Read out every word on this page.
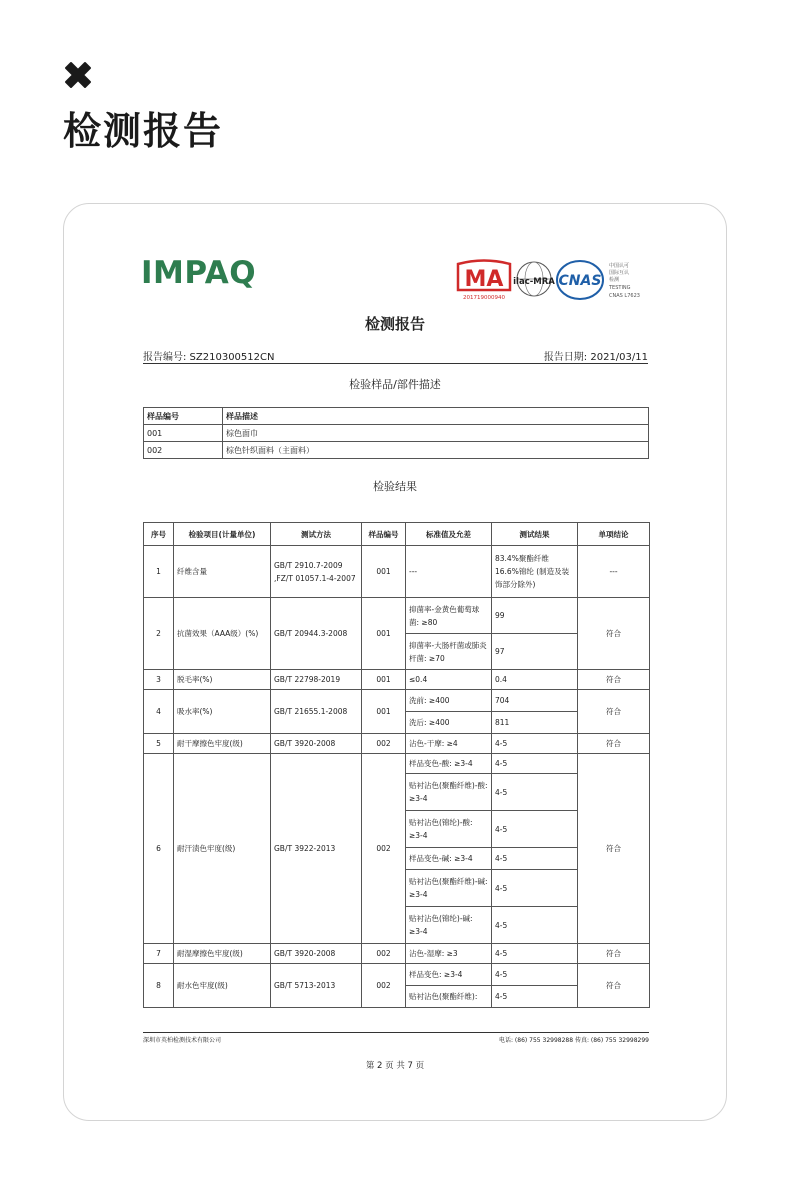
检测报告
IMPAQ	MA
201719000940
ilac-MRA CNAS
中国认可
国际互认
检测
TESTING
CNAS L7623
检测报告
报告编号: SZ210300512CN	报告日期: 2021/03/11
检验样品/部件描述
样品编号	样品描述
001	棕色面巾
002	棕色针织面料（主面料）
检验结果
序号	检验项目(计量单位)	测试方法	样品编号	标准值及允差	测试结果	单项结论
1	纤维含量	GB/T 2910.7-2009 ,FZ/T 01057.1-4-2007	001	---	83.4%聚酯纤维 16.6%锦纶 (制造及装饰部分除外)	---
2	抗菌效果（AAA级）(%)	GB/T 20944.3-2008	001	抑菌率-金黄色葡萄球菌: ≥80	99	符合
				抑菌率-大肠杆菌或肺炎杆菌: ≥70	97	
3	脱毛率(%)	GB/T 22798-2019	001	≤0.4	0.4	符合
4	吸水率(%)	GB/T 21655.1-2008	001	洗前: ≥400	704	符合
				洗后: ≥400	811	
5	耐干摩擦色牢度(级)	GB/T 3920-2008	002	沾色-干摩: ≥4	4-5	符合
6	耐汗渍色牢度(级)	GB/T 3922-2013	002	样品变色-酸: ≥3-4	4-5	符合
				贴衬沾色(聚酯纤维)-酸: ≥3-4	4-5	
				贴衬沾色(锦纶)-酸: ≥3-4	4-5	
				样品变色-碱: ≥3-4	4-5	
				贴衬沾色(聚酯纤维)-碱: ≥3-4	4-5	
				贴衬沾色(锦纶)-碱: ≥3-4	4-5	
7	耐湿摩擦色牢度(级)	GB/T 3920-2008	002	沾色-湿摩: ≥3	4-5	符合
8	耐水色牢度(级)	GB/T 5713-2013	002	样品变色: ≥3-4	4-5	符合
				贴衬沾色(聚酯纤维):	4-5	
深圳市英柏检测技术有限公司	电话: (86) 755 32998288 传真: (86) 755 32998299
第 2 页 共 7 页
